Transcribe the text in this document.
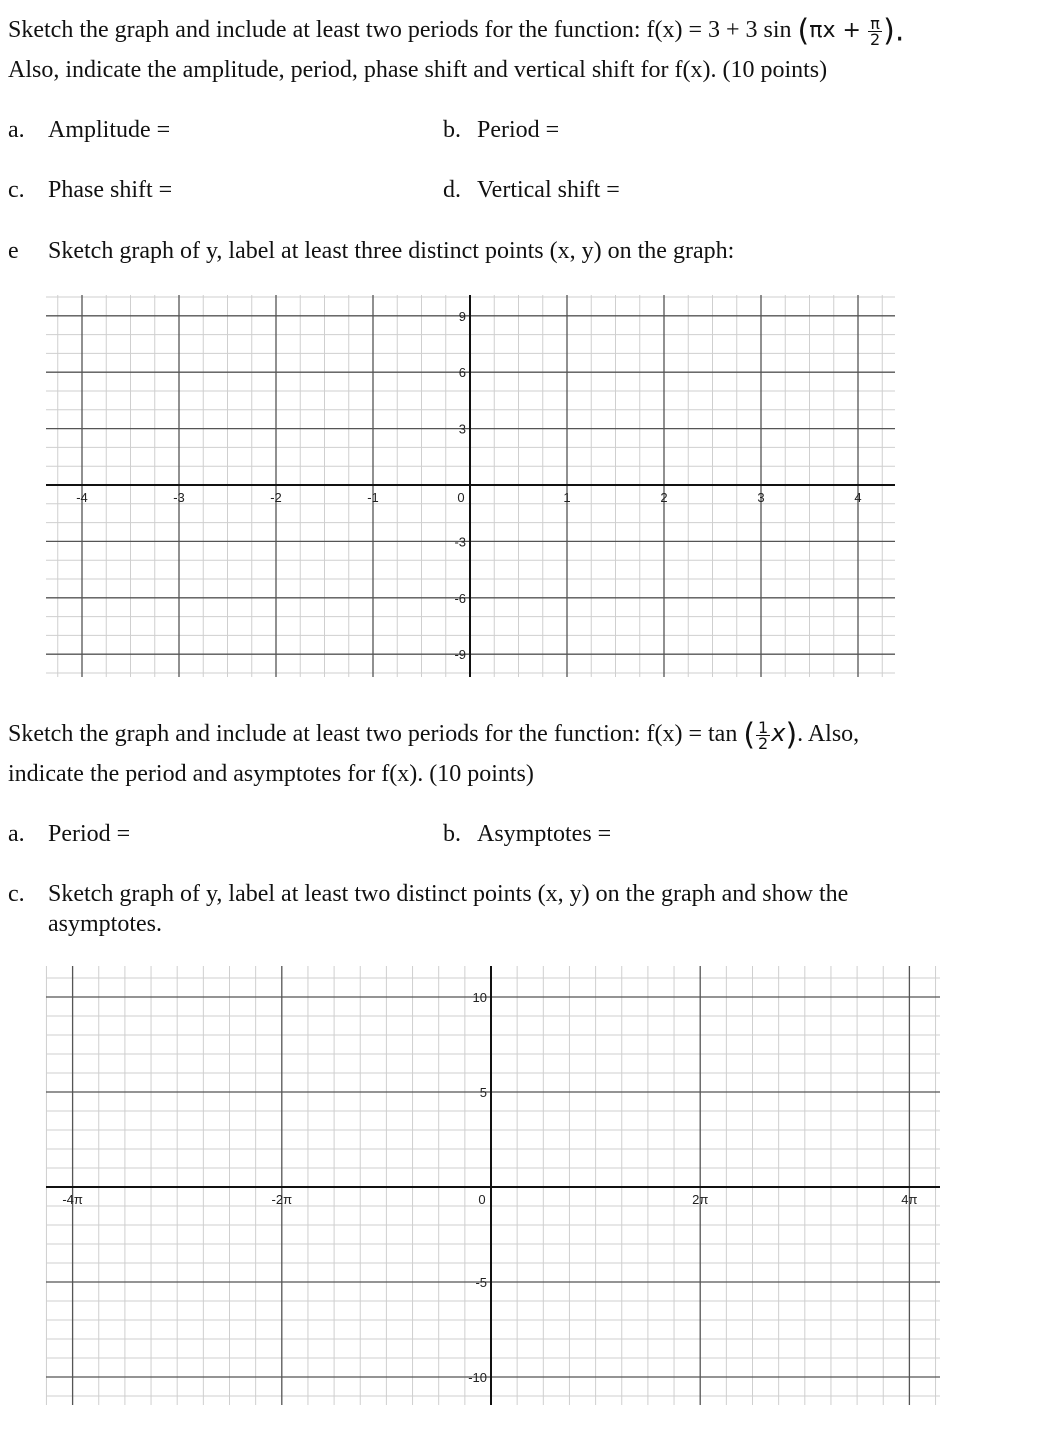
Sketch the graph and include at least two periods for the function: f(x) = 3 + 3 $\sin (\pi x + \frac{\pi}{2}$ ).
Also, indicate the amplitude, period, phase shift and vertical shift for f(x). (10 points)
a. Amplitude =	b. Period =
c. Phase shift =	d. Vertical shift =
e Sketch graph of y, label at least three distinct points (x, y) on the graph:
-4	-3	-2	-1	0	1	2	3	4
9
6
3
-3
-6
-9
Sketch the graph and include at least two periods for the function: f(x) = tan ( $\frac{1}{2} x$). Also,
indicate the period and asymptotes for f(x). (10 points)
a. Period =	b. Asymptotes =
c. Sketch graph of y, label at least two distinct points (x, y) on the graph and show the
asymptotes.
-4π	-2π	0	2π	4π
10
5
-5
-10
